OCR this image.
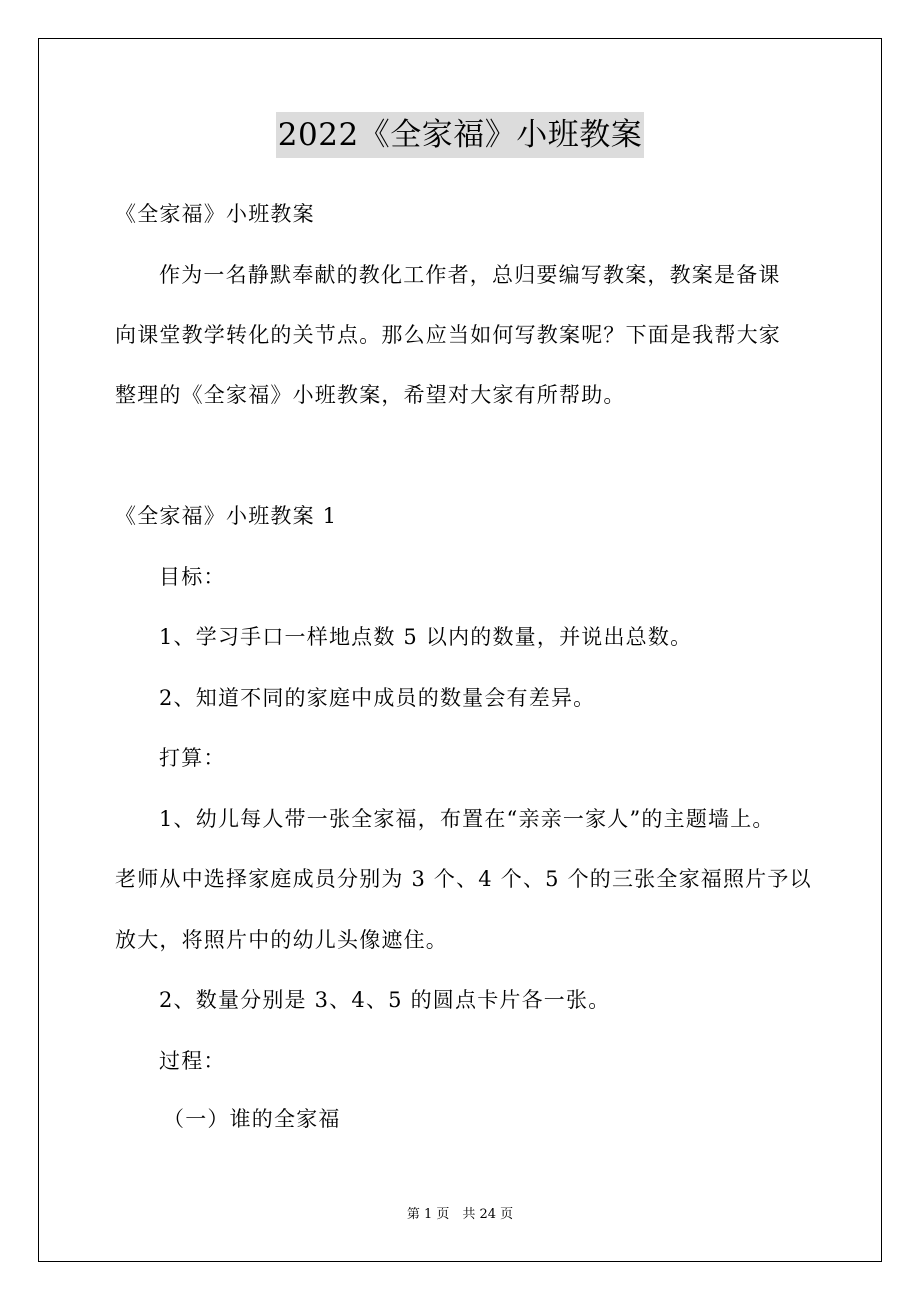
2022《全家福》小班教案
《全家福》小班教案
作为一名静默奉献的教化工作者，总归要编写教案，教案是备课
向课堂教学转化的关节点。那么应当如何写教案呢？下面是我帮大家
整理的《全家福》小班教案，希望对大家有所帮助。
《全家福》小班教案 1
目标：
1、学习手口一样地点数 5 以内的数量，并说出总数。
2、知道不同的家庭中成员的数量会有差异。
打算：
1、幼儿每人带一张全家福，布置在“亲亲一家人”的主题墙上。
老师从中选择家庭成员分别为 3 个、4 个、5 个的三张全家福照片予以
放大，将照片中的幼儿头像遮住。
2、数量分别是 3、4、5 的圆点卡片各一张。
过程：
（一）谁的全家福
第 1 页　共 24 页
